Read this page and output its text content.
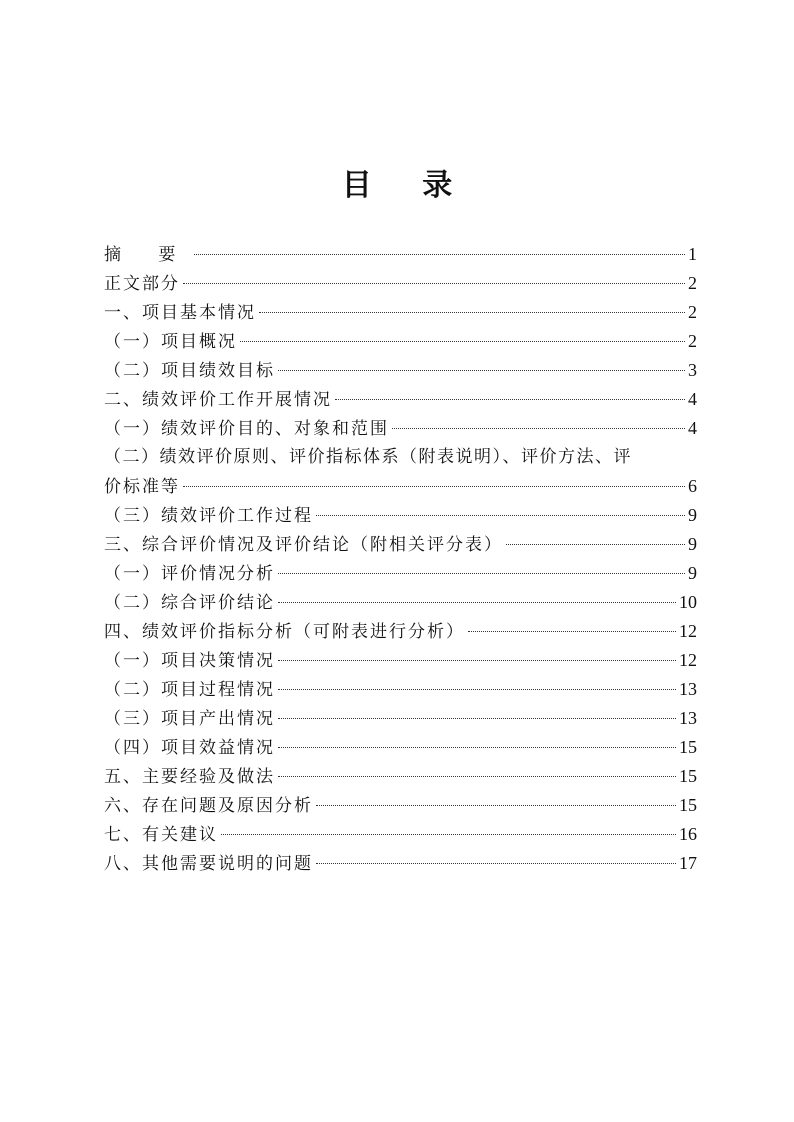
目 录
摘 要	1
正文部分	2
一、项目基本情况	2
（一）项目概况	2
（二）项目绩效目标	3
二、绩效评价工作开展情况	4
（一）绩效评价目的、对象和范围	4
（二）绩效评价原则、评价指标体系（附表说明）、评价方法、评
价标准等	6
（三）绩效评价工作过程	9
三、综合评价情况及评价结论（附相关评分表）	9
（一）评价情况分析	9
（二）综合评价结论	10
四、绩效评价指标分析（可附表进行分析）	12
（一）项目决策情况	12
（二）项目过程情况	13
（三）项目产出情况	13
（四）项目效益情况	15
五、主要经验及做法	15
六、存在问题及原因分析	15
七、有关建议	16
八、其他需要说明的问题	17
